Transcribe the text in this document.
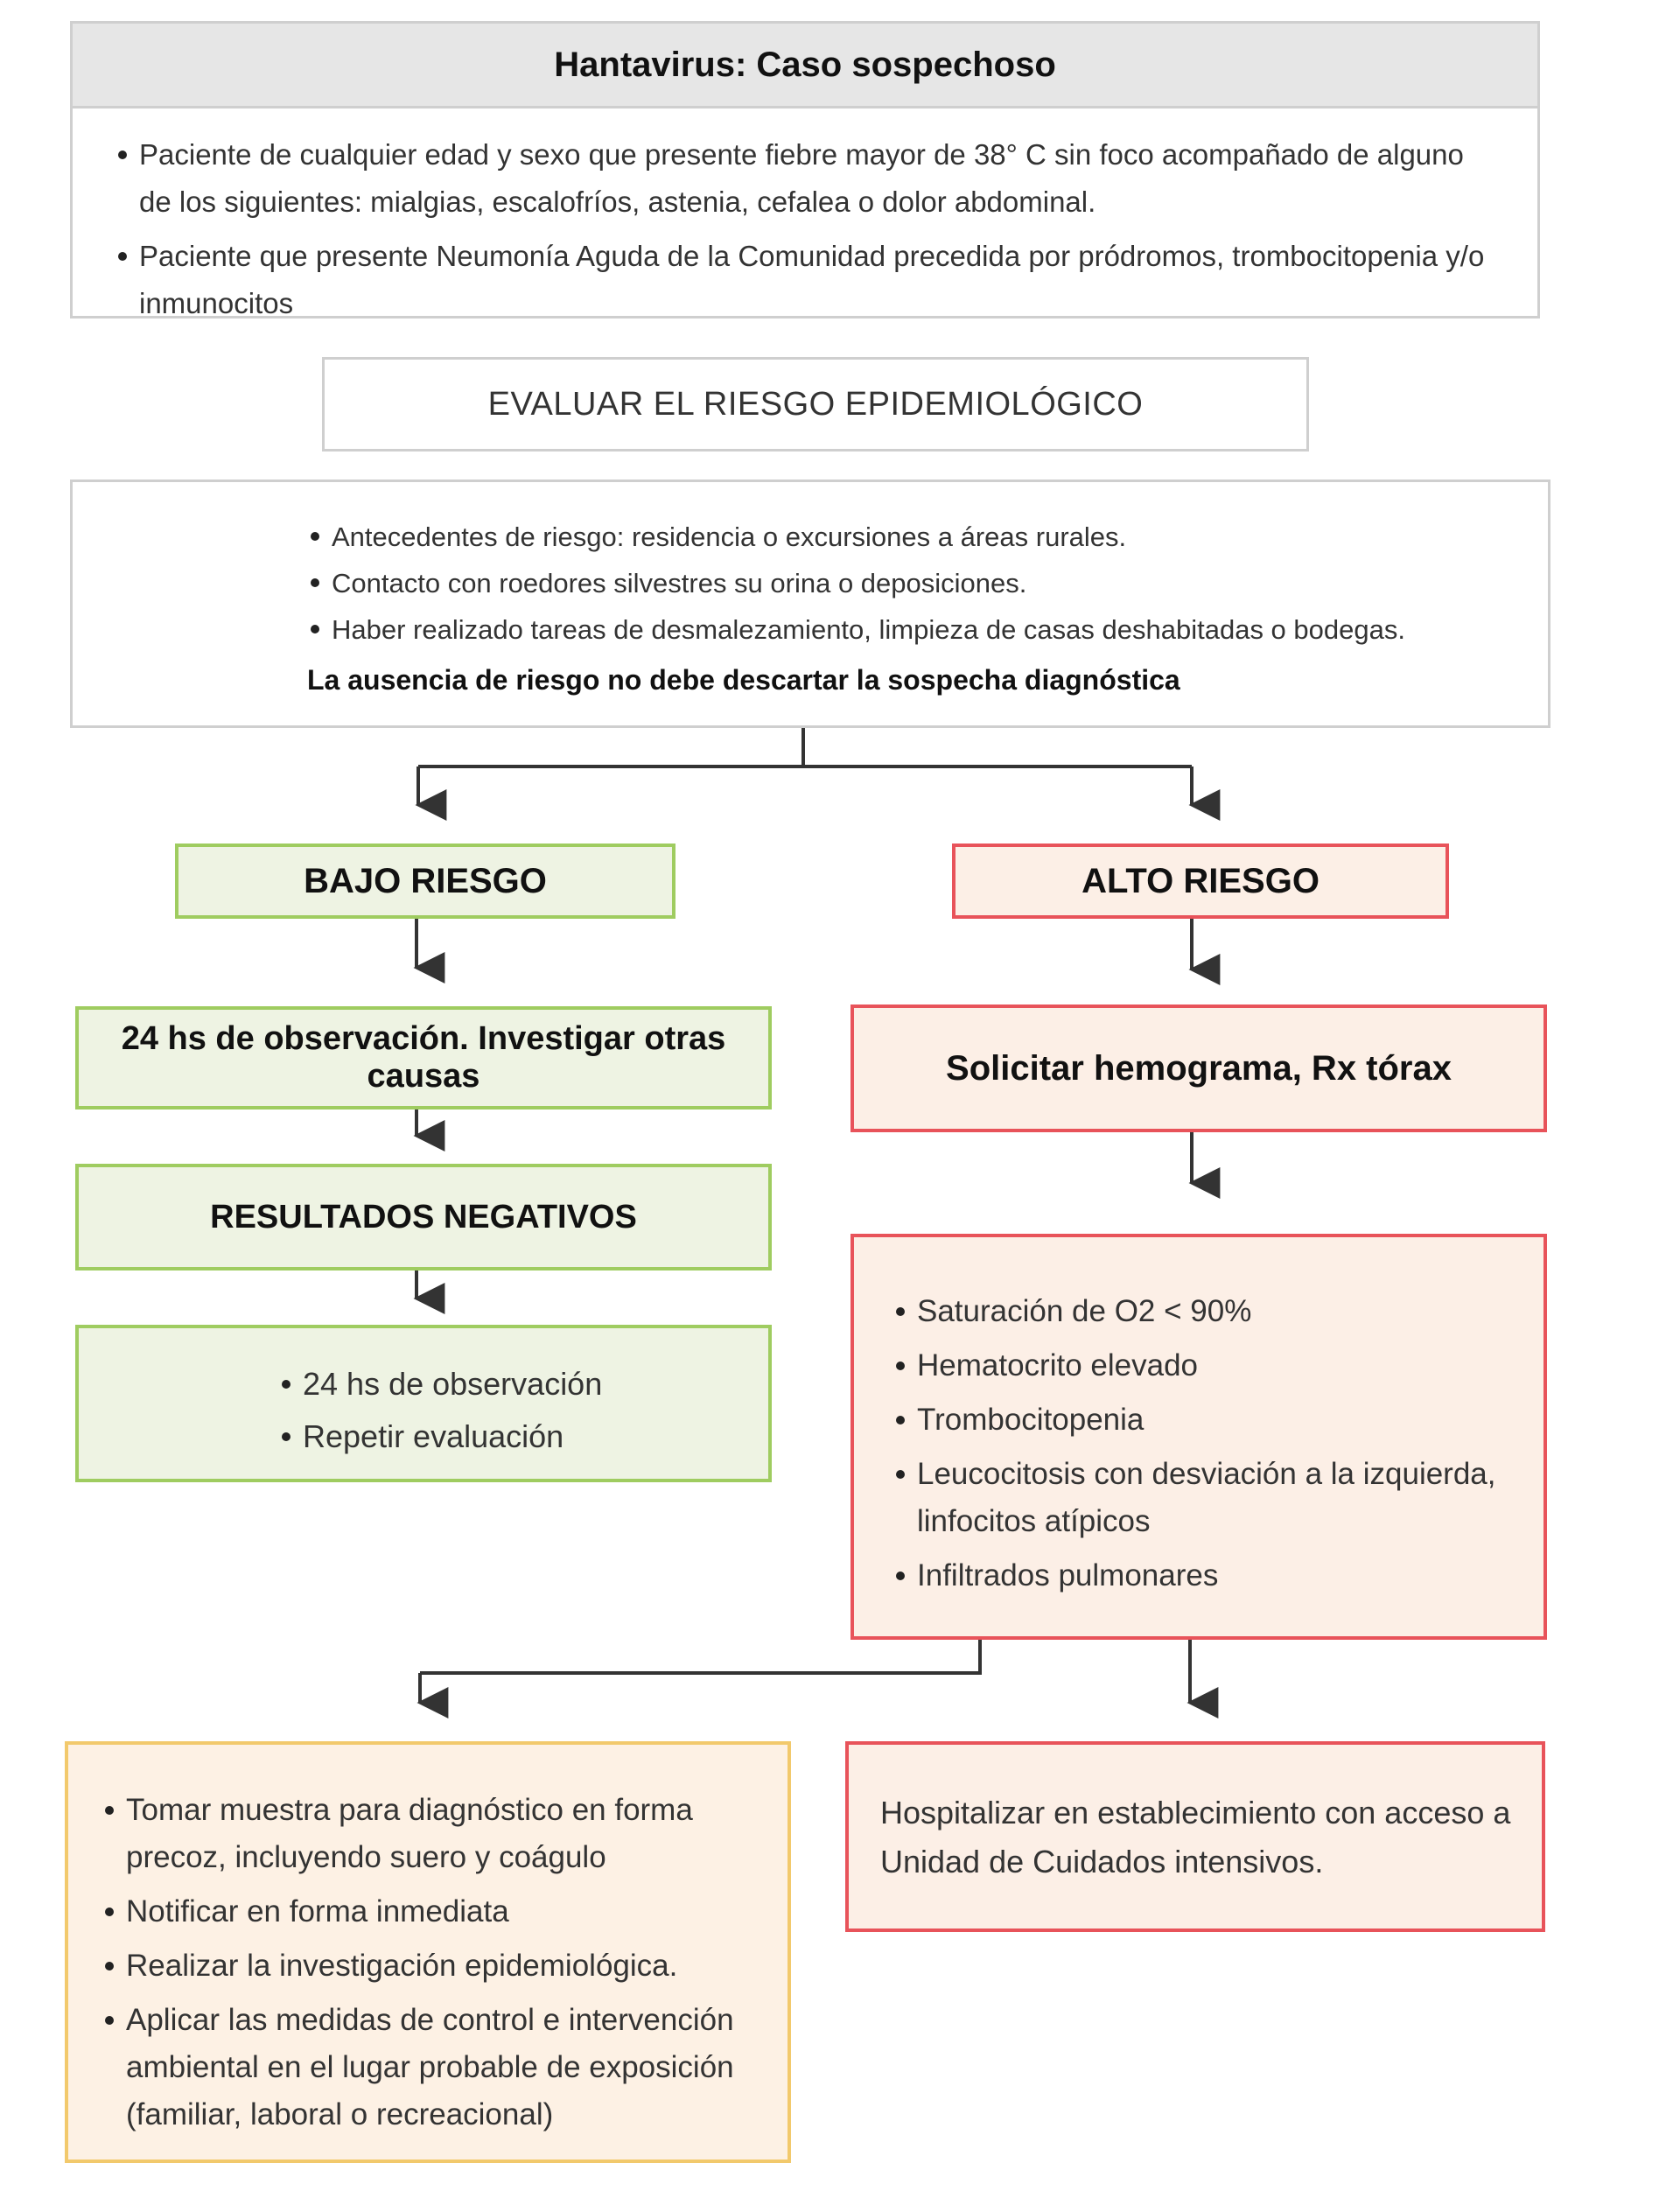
Hantavirus: Caso sospechoso
Paciente de cualquier edad y sexo que presente fiebre mayor de 38° C sin foco acompañado de alguno de los siguientes: mialgias, escalofríos, astenia, cefalea o dolor abdominal.
Paciente que presente Neumonía Aguda de la Comunidad precedida por pródromos, trombocitopenia y/o inmunocitos
EVALUAR EL RIESGO EPIDEMIOLÓGICO
Antecedentes de riesgo: residencia o excursiones a áreas rurales.
Contacto con roedores silvestres su orina o deposiciones.
Haber realizado tareas de desmalezamiento, limpieza de casas deshabitadas o bodegas.
La ausencia de riesgo no debe descartar la sospecha diagnóstica
BAJO RIESGO
24 hs de observación. Investigar otras causas
RESULTADOS NEGATIVOS
24 hs de observación
Repetir evaluación
ALTO RIESGO
Solicitar hemograma, Rx tórax
Saturación de O2 < 90%
Hematocrito elevado
Trombocitopenia
Leucocitosis con desviación a la izquierda, linfocitos atípicos
Infiltrados pulmonares
Tomar muestra para diagnóstico en forma precoz, incluyendo suero y coágulo
Notificar en forma inmediata
Realizar la investigación epidemiológica.
Aplicar las medidas de control e intervención ambiental en el lugar probable de exposición (familiar, laboral o recreacional)
Hospitalizar en establecimiento con acceso a Unidad de Cuidados intensivos.
